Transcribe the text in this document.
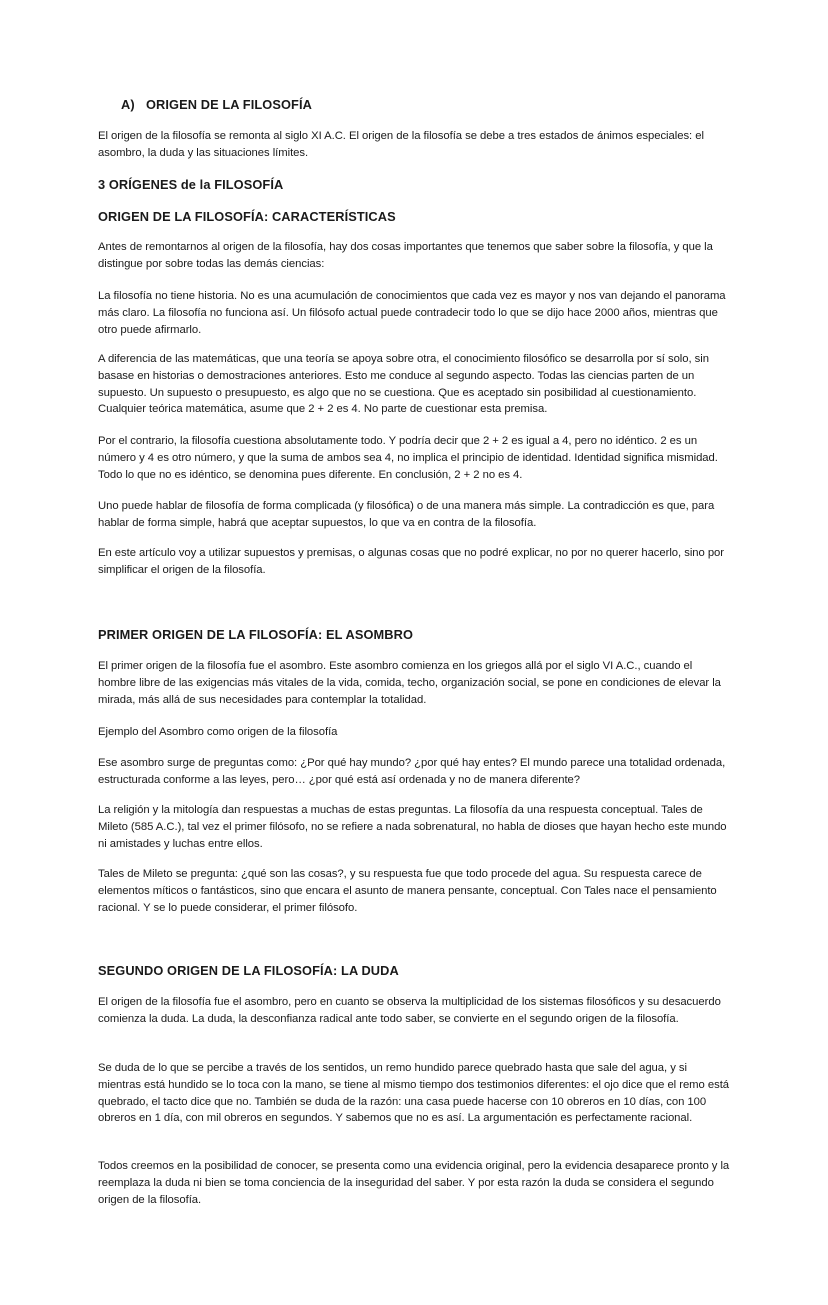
A) ORIGEN DE LA FILOSOFÍA

El origen de la filosofía se remonta al siglo XI A.C. El origen de la filosofía se debe a tres estados de ánimos especiales: el asombro, la duda y las situaciones límites.

3 ORÍGENES de la FILOSOFÍA
ORIGEN DE LA FILOSOFÍA: CARACTERÍSTICAS

Antes de remontarnos al origen de la filosofía, hay dos cosas importantes que tenemos que saber sobre la filosofía, y que la distingue por sobre todas las demás ciencias:

La filosofía no tiene historia. No es una acumulación de conocimientos que cada vez es mayor y nos van dejando el panorama más claro. La filosofía no funciona así. Un filósofo actual puede contradecir todo lo que se dijo hace 2000 años, mientras que otro puede afirmarlo.

A diferencia de las matemáticas, que una teoría se apoya sobre otra, el conocimiento filosófico se desarrolla por sí solo, sin basase en historias o demostraciones anteriores. Esto me conduce al segundo aspecto. Todas las ciencias parten de un supuesto. Un supuesto o presupuesto, es algo que no se cuestiona. Que es aceptado sin posibilidad al cuestionamiento. Cualquier teórica matemática, asume que 2 + 2 es 4. No parte de cuestionar esta premisa.

Por el contrario, la filosofía cuestiona absolutamente todo. Y podría decir que 2 + 2 es igual a 4, pero no idéntico. 2 es un número y 4 es otro número, y que la suma de ambos sea 4, no implica el principio de identidad. Identidad significa mismidad. Todo lo que no es idéntico, se denomina pues diferente. En conclusión, 2 + 2 no es 4.

Uno puede hablar de filosofía de forma complicada (y filosófica) o de una manera más simple. La contradicción es que, para hablar de forma simple, habrá que aceptar supuestos, lo que va en contra de la filosofía.

En este artículo voy a utilizar supuestos y premisas, o algunas cosas que no podré explicar, no por no querer hacerlo, sino por simplificar el origen de la filosofía.

PRIMER ORIGEN DE LA FILOSOFÍA: EL ASOMBRO

El primer origen de la filosofía fue el asombro. Este asombro comienza en los griegos allá por el siglo VI A.C., cuando el hombre libre de las exigencias más vitales de la vida, comida, techo, organización social, se pone en condiciones de elevar la mirada, más allá de sus necesidades para contemplar la totalidad.

Ejemplo del Asombro como origen de la filosofía

Ese asombro surge de preguntas como: ¿Por qué hay mundo? ¿por qué hay entes? El mundo parece una totalidad ordenada, estructurada conforme a las leyes, pero… ¿por qué está así ordenada y no de manera diferente?

La religión y la mitología dan respuestas a muchas de estas preguntas. La filosofía da una respuesta conceptual. Tales de Mileto (585 A.C.), tal vez el primer filósofo, no se refiere a nada sobrenatural, no habla de dioses que hayan hecho este mundo ni amistades y luchas entre ellos.

Tales de Mileto se pregunta: ¿qué son las cosas?, y su respuesta fue que todo procede del agua. Su respuesta carece de elementos míticos o fantásticos, sino que encara el asunto de manera pensante, conceptual. Con Tales nace el pensamiento racional. Y se lo puede considerar, el primer filósofo.

SEGUNDO ORIGEN DE LA FILOSOFÍA: LA DUDA

El origen de la filosofía fue el asombro, pero en cuanto se observa la multiplicidad de los sistemas filosóficos y su desacuerdo comienza la duda. La duda, la desconfianza radical ante todo saber, se convierte en el segundo origen de la filosofía.

Se duda de lo que se percibe a través de los sentidos, un remo hundido parece quebrado hasta que sale del agua, y si mientras está hundido se lo toca con la mano, se tiene al mismo tiempo dos testimonios diferentes: el ojo dice que el remo está quebrado, el tacto dice que no. También se duda de la razón: una casa puede hacerse con 10 obreros en 10 días, con 100 obreros en 1 día, con mil obreros en segundos. Y sabemos que no es así. La argumentación es perfectamente racional.

Todos creemos en la posibilidad de conocer, se presenta como una evidencia original, pero la evidencia desaparece pronto y la reemplaza la duda ni bien se toma conciencia de la inseguridad del saber. Y por esta razón la duda se considera el segundo origen de la filosofía.
